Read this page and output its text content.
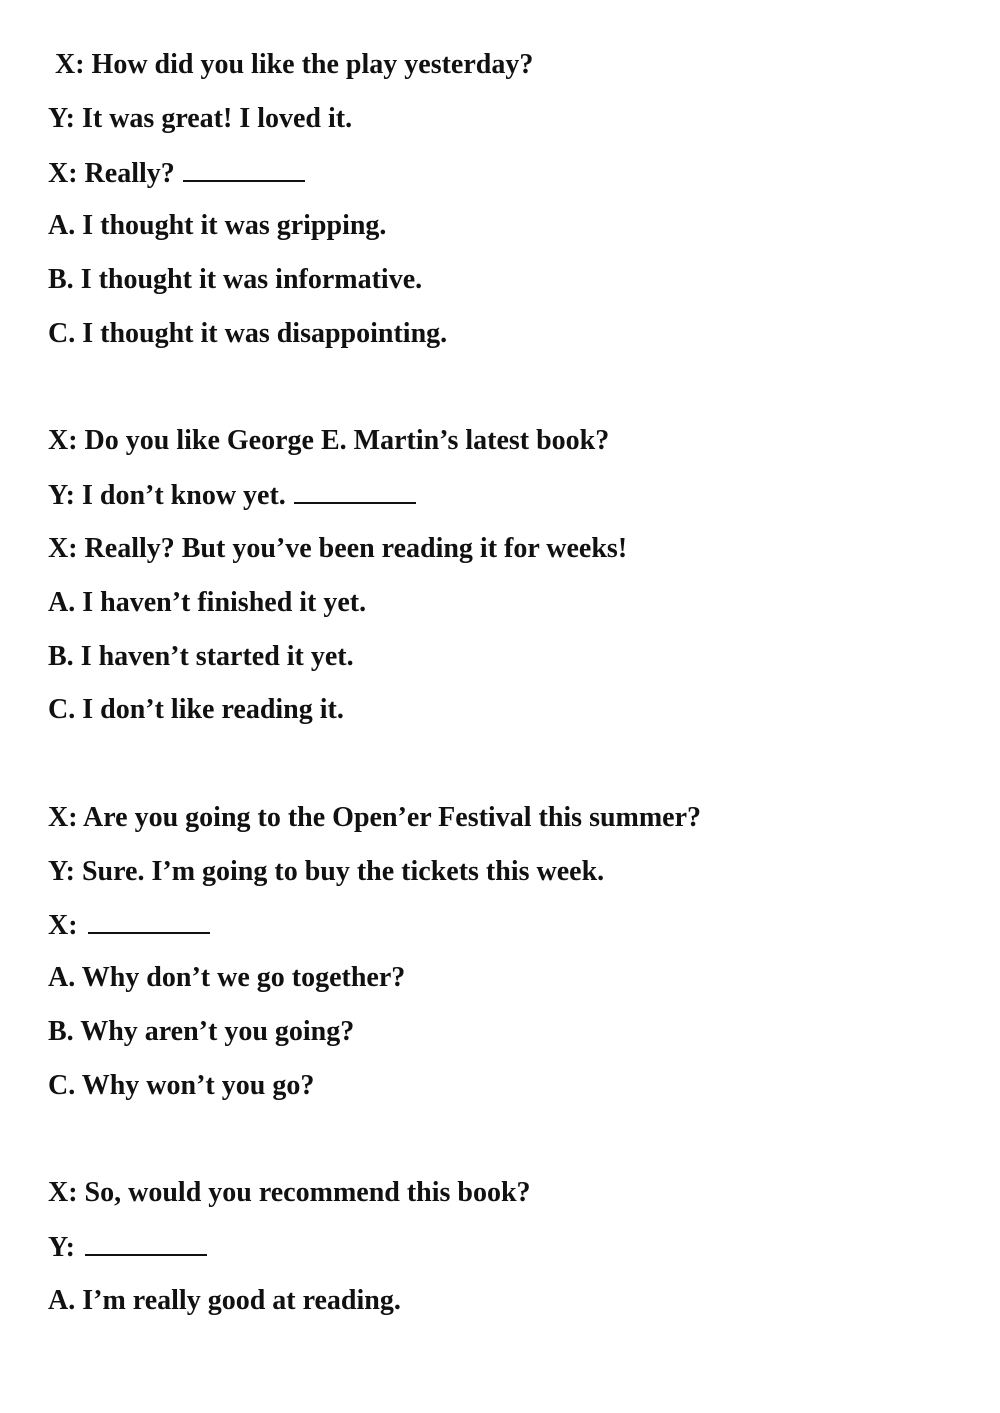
X: How did you like the play yesterday?

Y: It was great! I loved it.

X: Really?

A. I thought it was gripping.

B. I thought it was informative.

C. I thought it was disappointing.

X: Do you like George E. Martin’s latest book?

Y: I don’t know yet.

X: Really? But you’ve been reading it for weeks!

A. I haven’t finished it yet.

B. I haven’t started it yet.

C. I don’t like reading it.

X: Are you going to the Open’er Festival this summer?

Y: Sure. I’m going to buy the tickets this week.

X:

A. Why don’t we go together?

B. Why aren’t you going?

C. Why won’t you go?

X: So, would you recommend this book?

Y:

A. I’m really good at reading.
